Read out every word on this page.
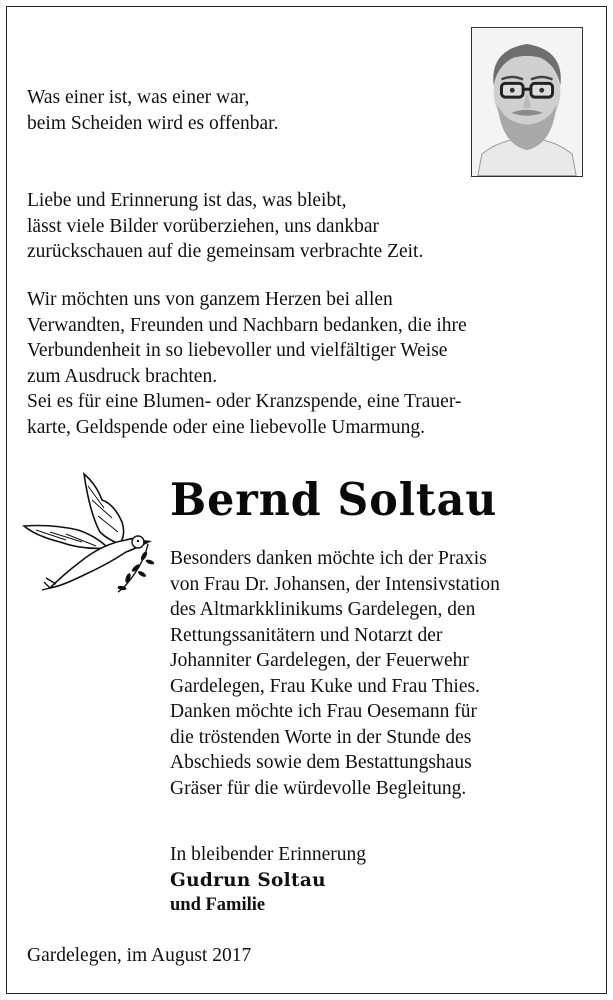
Was einer ist, was einer war,
beim Scheiden wird es offenbar.

Liebe und Erinnerung ist das, was bleibt,
lässt viele Bilder vorüberziehen, uns dankbar
zurückschauen auf die gemeinsam verbrachte Zeit.

Wir möchten uns von ganzem Herzen bei allen
Verwandten, Freunden und Nachbarn bedanken, die ihre
Verbundenheit in so liebevoller und vielfältiger Weise
zum Ausdruck brachten.
Sei es für eine Blumen- oder Kranzspende, eine Trauer-
karte, Geldspende oder eine liebevolle Umarmung.

Bernd Soltau

Besonders danken möchte ich der Praxis
von Frau Dr. Johansen, der Intensivstation
des Altmarkklinikums Gardelegen, den
Rettungssanitätern und Notarzt der
Johanniter Gardelegen, der Feuerwehr
Gardelegen, Frau Kuke und Frau Thies.
Danken möchte ich Frau Oesemann für
die tröstenden Worte in der Stunde des
Abschieds sowie dem Bestattungshaus
Gräser für die würdevolle Begleitung.

In bleibender Erinnerung
Gudrun Soltau
und Familie

Gardelegen, im August 2017
